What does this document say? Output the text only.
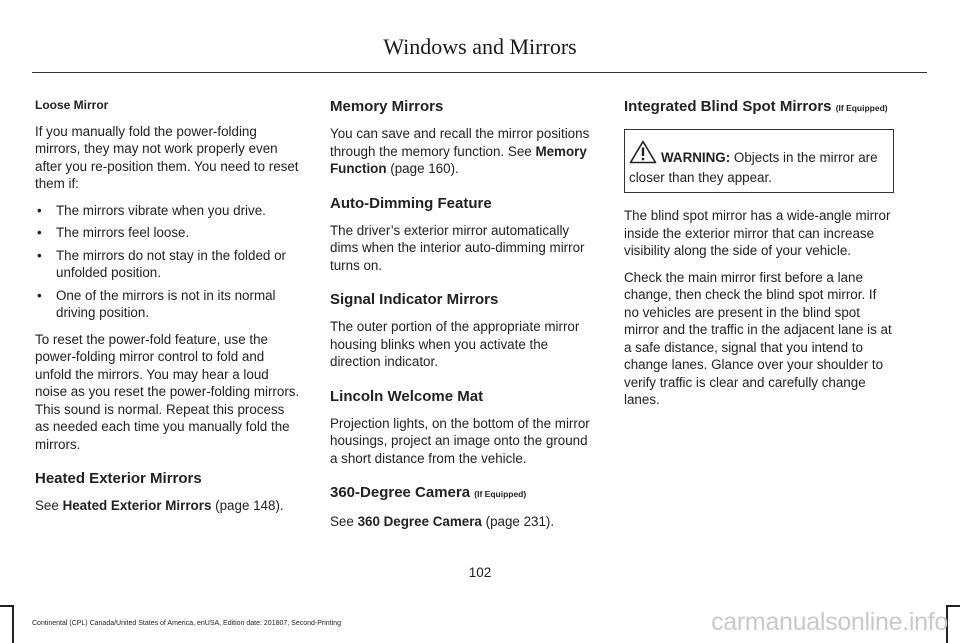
Windows and Mirrors
Loose Mirror

If you manually fold the power-folding mirrors, they may not work properly even after you re-position them. You need to reset them if:

• The mirrors vibrate when you drive.
• The mirrors feel loose.
• The mirrors do not stay in the folded or unfolded position.
• One of the mirrors is not in its normal driving position.

To reset the power-fold feature, use the power-folding mirror control to fold and unfold the mirrors. You may hear a loud noise as you reset the power-folding mirrors. This sound is normal. Repeat this process as needed each time you manually fold the mirrors.

Heated Exterior Mirrors

See Heated Exterior Mirrors (page 148).

Memory Mirrors

You can save and recall the mirror positions through the memory function. See Memory Function (page 160).

Auto-Dimming Feature

The driver’s exterior mirror automatically dims when the interior auto-dimming mirror turns on.

Signal Indicator Mirrors

The outer portion of the appropriate mirror housing blinks when you activate the direction indicator.

Lincoln Welcome Mat

Projection lights, on the bottom of the mirror housings, project an image onto the ground a short distance from the vehicle.

360-Degree Camera (If Equipped)

See 360 Degree Camera (page 231).

Integrated Blind Spot Mirrors (If Equipped)
WARNING: Objects in the mirror are closer than they appear.

The blind spot mirror has a wide-angle mirror inside the exterior mirror that can increase visibility along the side of your vehicle.

Check the main mirror first before a lane change, then check the blind spot mirror. If no vehicles are present in the blind spot mirror and the traffic in the adjacent lane is at a safe distance, signal that you intend to change lanes. Glance over your shoulder to verify traffic is clear and carefully change lanes.

102
Continental (CPL) Canada/United States of America, enUSA, Edition date: 201807, Second-Printing	carmanualsonline.info
